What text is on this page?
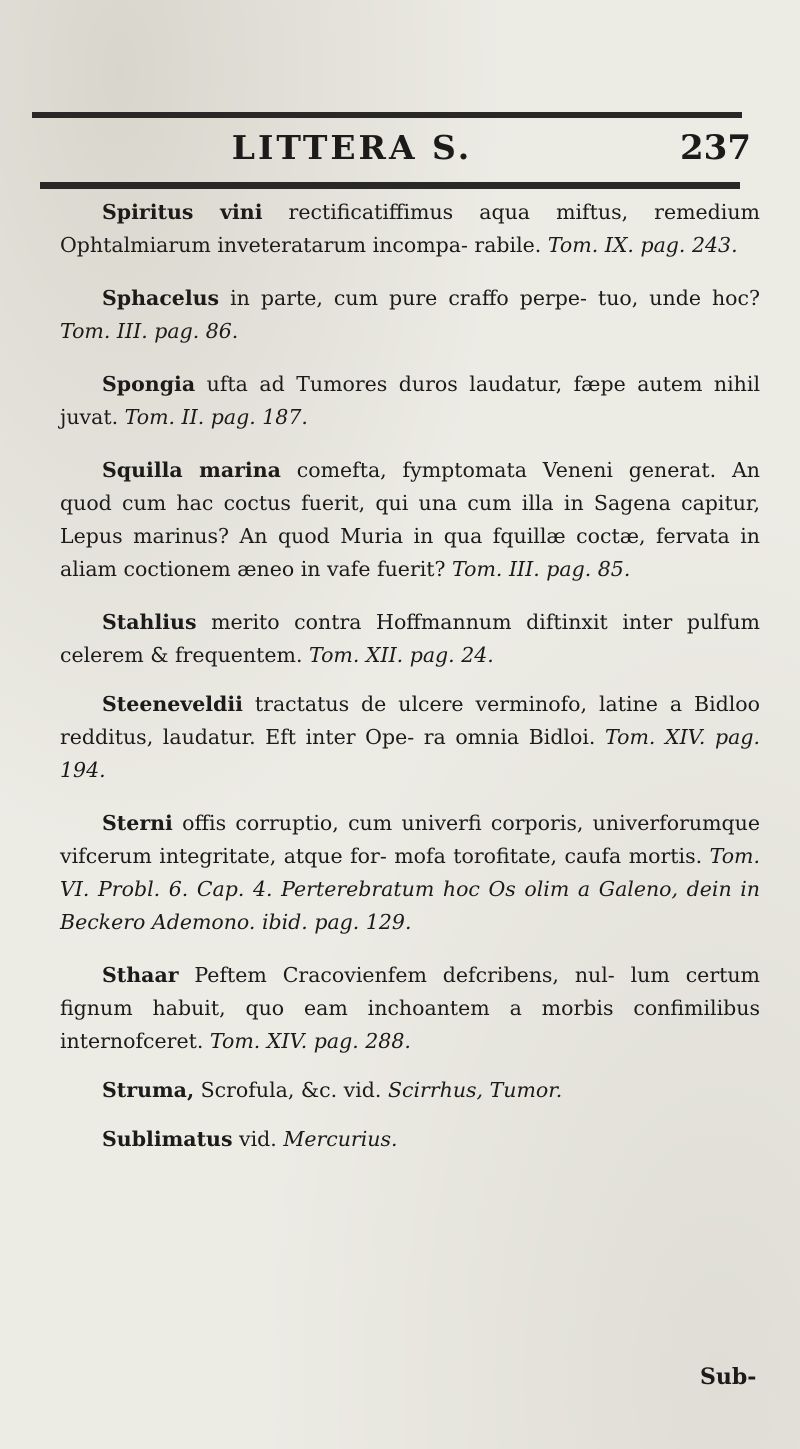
LITTERA S.	237

Spiritus vini rectificatiffimus aqua miftus, remedium Ophtalmiarum inveteratarum incompa- rabile. Tom. IX. pag. 243.

Sphacelus in parte, cum pure craffo perpe- tuo, unde hoc? Tom. III. pag. 86.

Spongia ufta ad Tumores duros laudatur, fæpe autem nihil juvat. Tom. II. pag. 187.

Squilla marina comefta, fymptomata Veneni generat. An quod cum hac coctus fuerit, qui una cum illa in Sagena capitur, Lepus marinus? An quod Muria in qua fquillæ coctæ, fervata in aliam coctionem æneo in vafe fuerit? Tom. III. pag. 85.

Stahlius merito contra Hoffmannum diftinxit inter pulfum celerem & frequentem. Tom. XII. pag. 24.

Steeneveldii tractatus de ulcere verminofo, latine a Bidloo redditus, laudatur. Eft inter Ope- ra omnia Bidloi. Tom. XIV. pag. 194.

Sterni offis corruptio, cum univerfi corporis, univerforumque vifcerum integritate, atque for- mofa torofitate, caufa mortis. Tom. VI. Probl. 6. Cap. 4. Perterebratum hoc Os olim a Galeno, dein in Beckero Ademono. ibid. pag. 129.

Sthaar Peftem Cracovienfem defcribens, nul- lum certum fignum habuit, quo eam inchoantem a morbis confimilibus internofceret. Tom. XIV. pag. 288.

Struma, Scrofula, &c. vid. Scirrhus, Tumor.

Sublimatus vid. Mercurius.

Sub-
